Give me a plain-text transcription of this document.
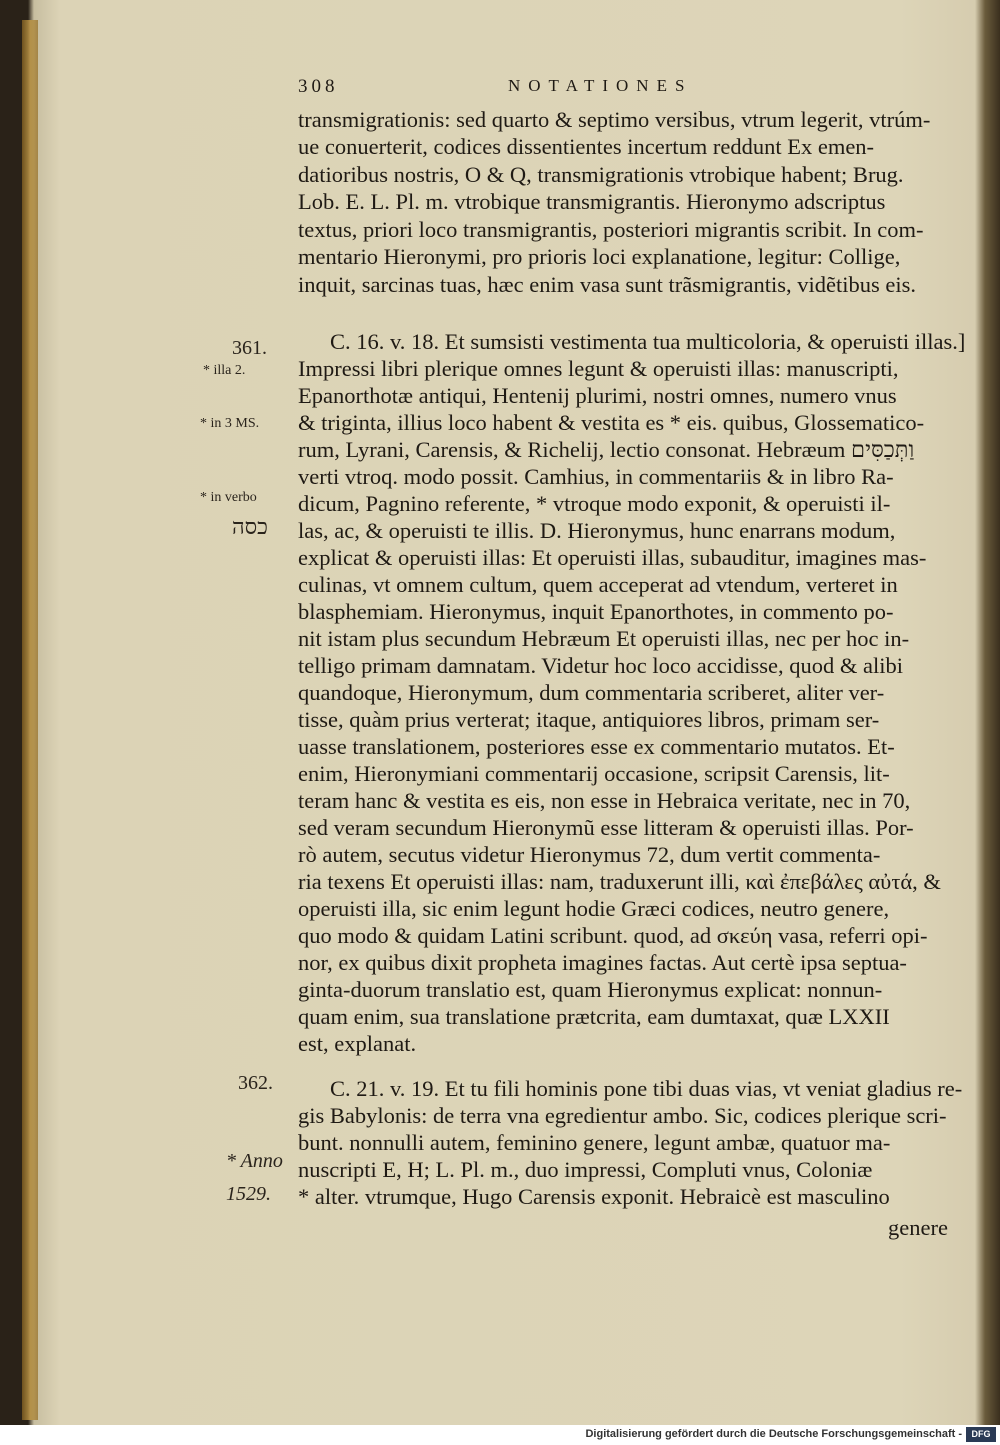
308	NOTATIONES
transmigrationis: sed quarto & septimo versibus, vtrum legerit, vtrúm-
ue conuerterit, codices dissentientes incertum reddunt Ex emen-
datioribus nostris, O & Q, transmigrationis vtrobique habent; Brug.
Lob. E. L. Pl. m. vtrobique transmigrantis. Hieronymo adscriptus
textus, priori loco transmigrantis, posteriori migrantis scribit. In com-
mentario Hieronymi, pro prioris loci explanatione, legitur: Collige,
inquit, sarcinas tuas, hæc enim vasa sunt trãsmigrantis, vidẽtibus eis.
361.
* illa 2.
* in 3 MS.
* in verbo
כסה
C. 16. v. 18. Et sumsisti vestimenta tua multicoloria, & operuisti illas.]
Impressi libri plerique omnes legunt & operuisti illas: manuscripti,
Epanorthotæ antiqui, Hentenij plurimi, nostri omnes, numero vnus
& triginta, illius loco habent & vestita es * eis. quibus, Glossematico-
rum, Lyrani, Carensis, & Richelij, lectio consonat. Hebræum וַתְּכַסִּים
verti vtroq. modo possit. Camhius, in commentariis & in libro Ra-
dicum, Pagnino referente, * vtroque modo exponit, & operuisti il-
las, ac, & operuisti te illis. D. Hieronymus, hunc enarrans modum,
explicat & operuisti illas: Et operuisti illas, subauditur, imagines mas-
culinas, vt omnem cultum, quem acceperat ad vtendum, verteret in
blasphemiam. Hieronymus, inquit Epanorthotes, in commento po-
nit istam plus secundum Hebræum Et operuisti illas, nec per hoc in-
telligo primam damnatam. Videtur hoc loco accidisse, quod & alibi
quandoque, Hieronymum, dum commentaria scriberet, aliter ver-
tisse, quàm prius verterat; itaque, antiquiores libros, primam ser-
uasse translationem, posteriores esse ex commentario mutatos. Et-
enim, Hieronymiani commentarij occasione, scripsit Carensis, lit-
teram hanc & vestita es eis, non esse in Hebraica veritate, nec in 70,
sed veram secundum Hieronymũ esse litteram & operuisti illas. Por-
rò autem, secutus videtur Hieronymus 72, dum vertit commenta-
ria texens Et operuisti illas: nam, traduxerunt illi, καὶ ἐπεβάλες αὐτά, &
operuisti illa, sic enim legunt hodie Græci codices, neutro genere,
quo modo & quidam Latini scribunt. quod, ad σκεύη vasa, referri opi-
nor, ex quibus dixit propheta imagines factas. Aut certè ipsa septua-
ginta-duorum translatio est, quam Hieronymus explicat: nonnun-
quam enim, sua translatione prætcrita, eam dumtaxat, quæ LXXII
est, explanat.
362.
* Anno
1529.
C. 21. v. 19. Et tu fili hominis pone tibi duas vias, vt veniat gladius re-
gis Babylonis: de terra vna egredientur ambo. Sic, codices plerique scri-
bunt. nonnulli autem, feminino genere, legunt ambæ, quatuor ma-
nuscripti E, H; L. Pl. m., duo impressi, Compluti vnus, Coloniæ
* alter. vtrumque, Hugo Carensis exponit. Hebraicè est masculino
genere
Digitalisierung gefördert durch die Deutsche Forschungsgemeinschaft -	DFG
